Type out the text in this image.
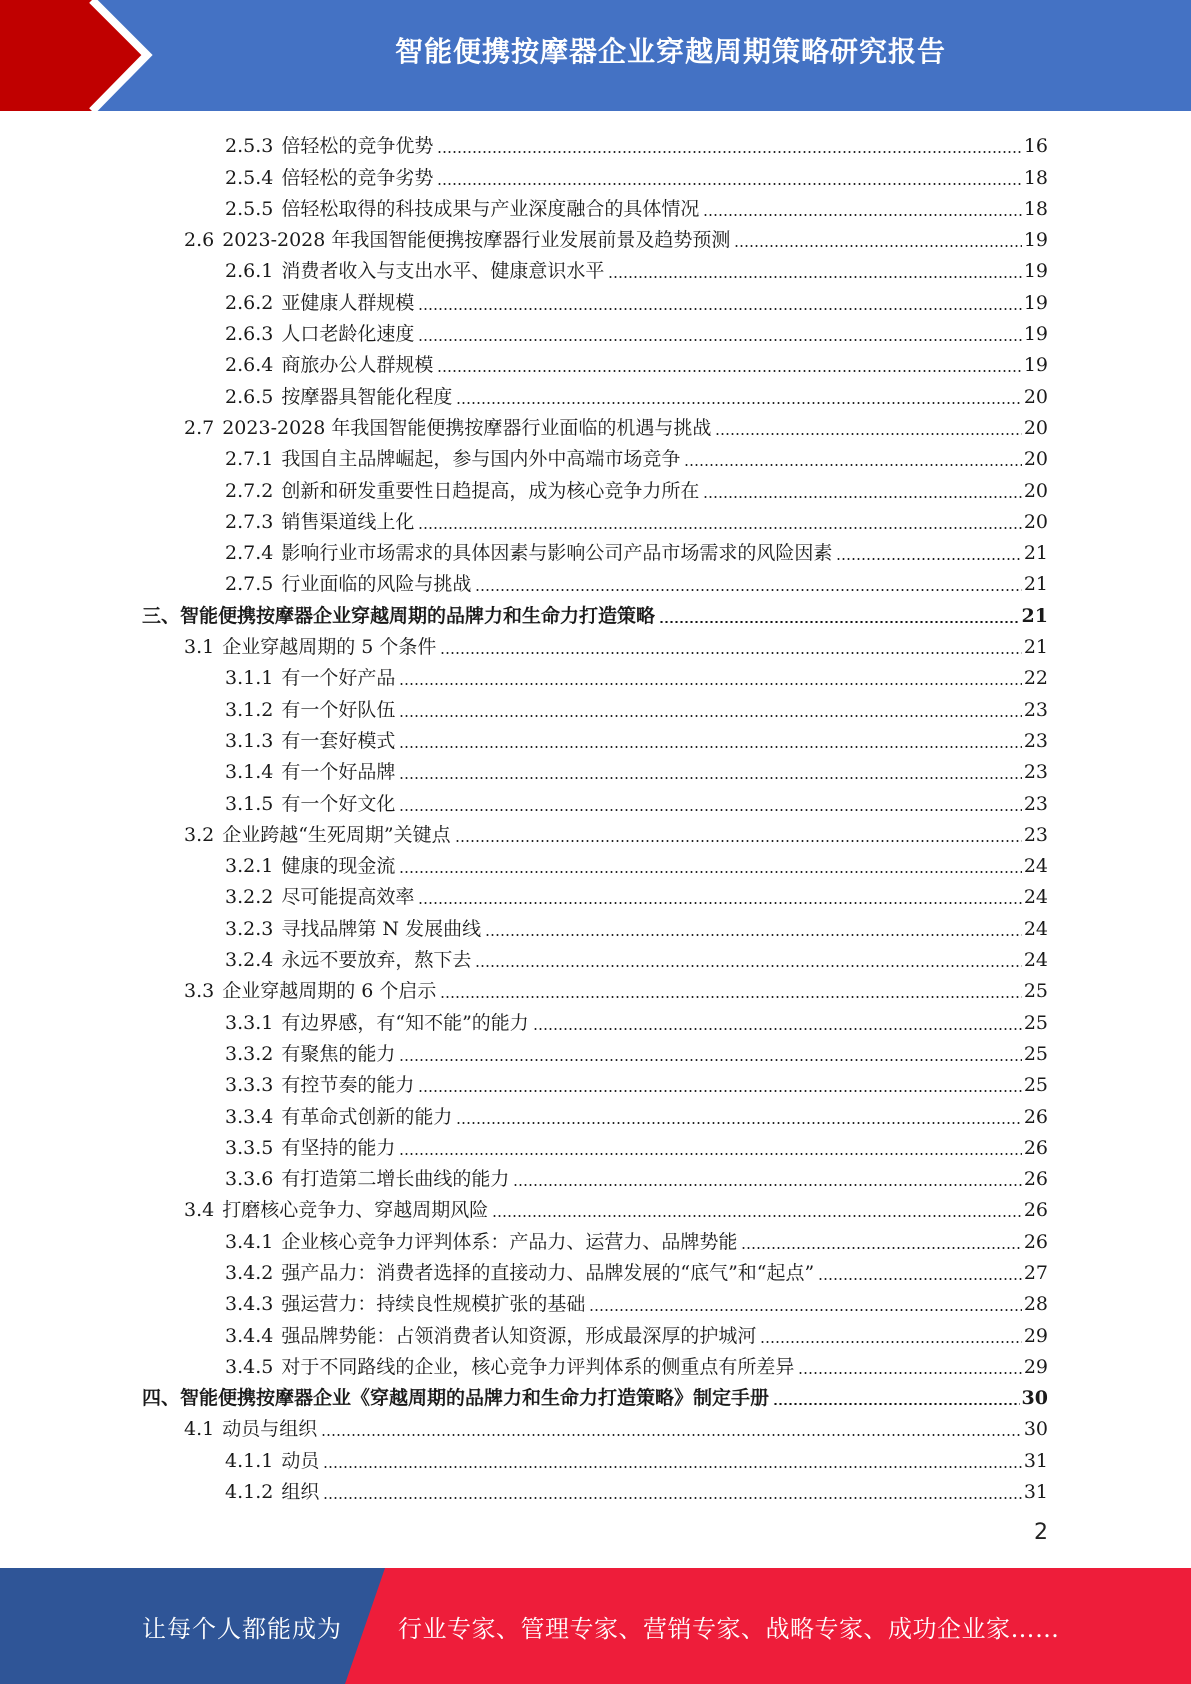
智能便携按摩器企业穿越周期策略研究报告
2.5.3 倍轻松的竞争优势	16
2.5.4 倍轻松的竞争劣势	18
2.5.5 倍轻松取得的科技成果与产业深度融合的具体情况	18
2.6 2023-2028 年我国智能便携按摩器行业发展前景及趋势预测	19
2.6.1 消费者收入与支出水平、健康意识水平	19
2.6.2 亚健康人群规模	19
2.6.3 人口老龄化速度	19
2.6.4 商旅办公人群规模	19
2.6.5 按摩器具智能化程度	20
2.7 2023-2028 年我国智能便携按摩器行业面临的机遇与挑战	20
2.7.1 我国自主品牌崛起，参与国内外中高端市场竞争	20
2.7.2 创新和研发重要性日趋提高，成为核心竞争力所在	20
2.7.3 销售渠道线上化	20
2.7.4 影响行业市场需求的具体因素与影响公司产品市场需求的风险因素	21
2.7.5 行业面临的风险与挑战	21
三、 智能便携按摩器企业穿越周期的品牌力和生命力打造策略	21
3.1 企业穿越周期的 5 个条件	21
3.1.1 有一个好产品	22
3.1.2 有一个好队伍	23
3.1.3 有一套好模式	23
3.1.4 有一个好品牌	23
3.1.5 有一个好文化	23
3.2 企业跨越“生死周期”关键点	23
3.2.1 健康的现金流	24
3.2.2 尽可能提高效率	24
3.2.3 寻找品牌第 N 发展曲线	24
3.2.4 永远不要放弃，熬下去	24
3.3 企业穿越周期的 6 个启示	25
3.3.1 有边界感，有“知不能”的能力	25
3.3.2 有聚焦的能力	25
3.3.3 有控节奏的能力	25
3.3.4 有革命式创新的能力	26
3.3.5 有坚持的能力	26
3.3.6 有打造第二增长曲线的能力	26
3.4 打磨核心竞争力、穿越周期风险	26
3.4.1 企业核心竞争力评判体系：产品力、运营力、品牌势能	26
3.4.2 强产品力：消费者选择的直接动力、品牌发展的“底气”和“起点”	27
3.4.3 强运营力：持续良性规模扩张的基础	28
3.4.4 强品牌势能：占领消费者认知资源，形成最深厚的护城河	29
3.4.5 对于不同路线的企业，核心竞争力评判体系的侧重点有所差异	29
四、 智能便携按摩器企业《穿越周期的品牌力和生命力打造策略》制定手册	30
4.1 动员与组织	30
4.1.1 动员	31
4.1.2 组织	31
2
让每个人都能成为 行业专家、管理专家、营销专家、战略专家、成功企业家……
